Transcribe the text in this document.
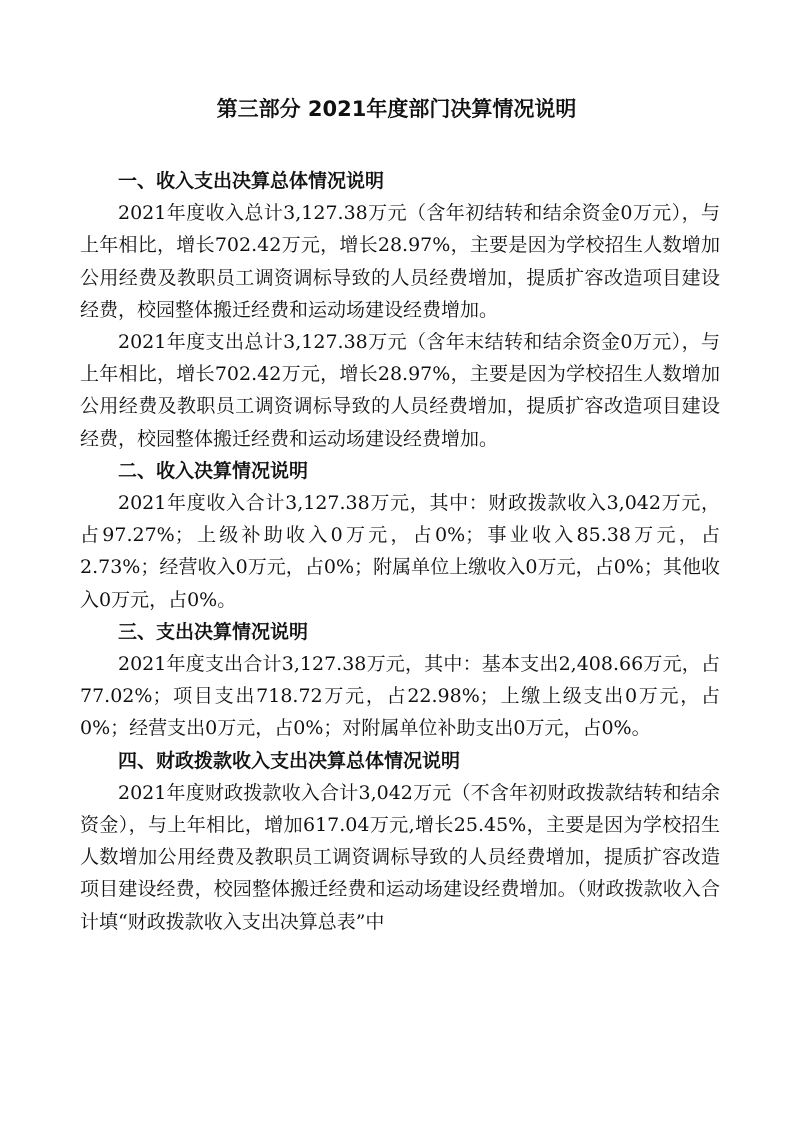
第三部分 2021年度部门决算情况说明

一、收入支出决算总体情况说明

2021年度收入总计3,127.38万元（含年初结转和结余资金0万元），与上年相比，增长702.42万元，增长28.97%，主要是因为学校招生人数增加公用经费及教职员工调资调标导致的人员经费增加，提质扩容改造项目建设经费，校园整体搬迁经费和运动场建设经费增加。

2021年度支出总计3,127.38万元（含年末结转和结余资金0万元），与上年相比，增长702.42万元，增长28.97%，主要是因为学校招生人数增加公用经费及教职员工调资调标导致的人员经费增加，提质扩容改造项目建设经费，校园整体搬迁经费和运动场建设经费增加。

二、收入决算情况说明

2021年度收入合计3,127.38万元，其中：财政拨款收入3,042万元，占97.27%；上级补助收入0万元，占0%；事业收入85.38万元，占2.73%；经营收入0万元，占0%；附属单位上缴收入0万元，占0%；其他收入0万元，占0%。

三、支出决算情况说明

2021年度支出合计3,127.38万元，其中：基本支出2,408.66万元，占77.02%；项目支出718.72万元，占22.98%；上缴上级支出0万元，占0%；经营支出0万元，占0%；对附属单位补助支出0万元，占0%。

四、财政拨款收入支出决算总体情况说明

2021年度财政拨款收入合计3,042万元（不含年初财政拨款结转和结余资金），与上年相比，增加617.04万元,增长25.45%，主要是因为学校招生人数增加公用经费及教职员工调资调标导致的人员经费增加，提质扩容改造项目建设经费，校园整体搬迁经费和运动场建设经费增加。（财政拨款收入合计填“财政拨款收入支出决算总表”中
